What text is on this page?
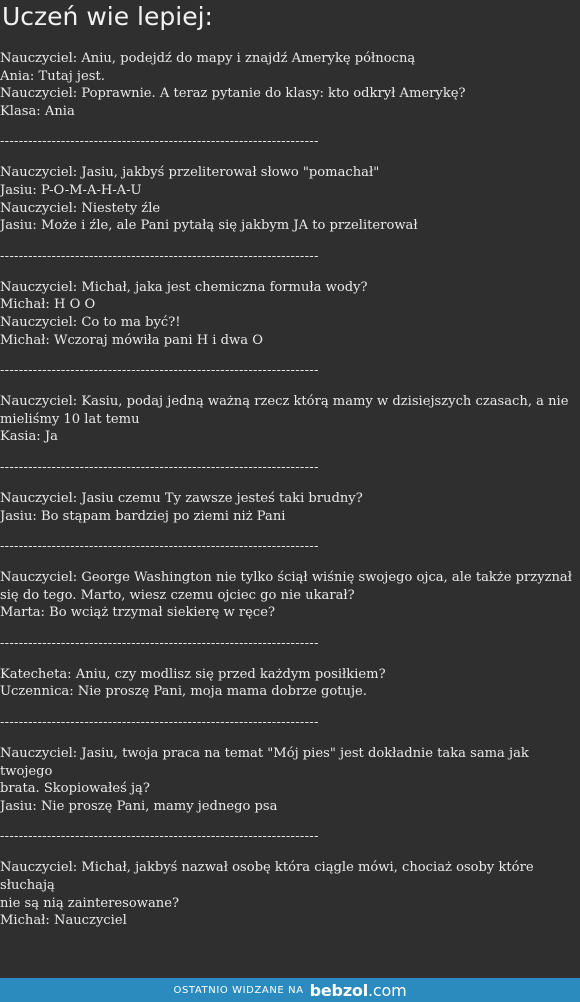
Uczeń wie lepiej:
Nauczyciel: Aniu, podejdź do mapy i znajdź Amerykę północną
Ania: Tutaj jest.
Nauczyciel: Poprawnie. A teraz pytanie do klasy: kto odkrył Amerykę?
Klasa: Ania
--------------------------------------------------------------------
Nauczyciel: Jasiu, jakbyś przeliterował słowo "pomachał"
Jasiu: P-O-M-A-H-A-U
Nauczyciel: Niestety źle
Jasiu: Może i źle, ale Pani pytałą się jakbym JA to przeliterował
--------------------------------------------------------------------
Nauczyciel: Michał, jaka jest chemiczna formuła wody?
Michał: H O O
Nauczyciel: Co to ma być?!
Michał: Wczoraj mówiła pani H i dwa O
--------------------------------------------------------------------
Nauczyciel: Kasiu, podaj jedną ważną rzecz którą mamy w dzisiejszych czasach, a nie
mieliśmy 10 lat temu
Kasia: Ja
--------------------------------------------------------------------
Nauczyciel: Jasiu czemu Ty zawsze jesteś taki brudny?
Jasiu: Bo stąpam bardziej po ziemi niż Pani
--------------------------------------------------------------------
Nauczyciel: George Washington nie tylko ściął wiśnię swojego ojca, ale także przyznał
się do tego. Marto, wiesz czemu ojciec go nie ukarał?
Marta: Bo wciąż trzymał siekierę w ręce?
--------------------------------------------------------------------
Katecheta: Aniu, czy modlisz się przed każdym posiłkiem?
Uczennica: Nie proszę Pani, moja mama dobrze gotuje.
--------------------------------------------------------------------
Nauczyciel: Jasiu, twoja praca na temat "Mój pies" jest dokładnie taka sama jak twojego
brata. Skopiowałeś ją?
Jasiu: Nie proszę Pani, mamy jednego psa
--------------------------------------------------------------------
Nauczyciel: Michał, jakbyś nazwał osobę która ciągle mówi, chociaż osoby które słuchają
nie są nią zainteresowane?
Michał: Nauczyciel
OSTATNIO WIDZANE NA bebzol.com
